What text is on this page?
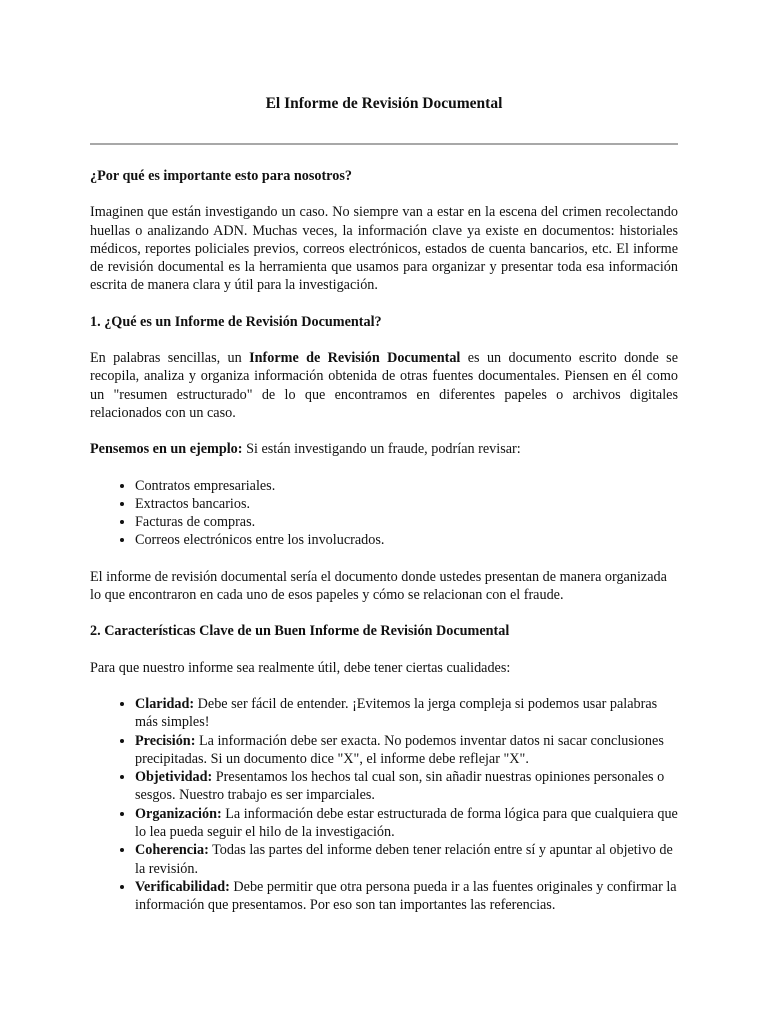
El Informe de Revisión Documental

¿Por qué es importante esto para nosotros?

Imaginen que están investigando un caso. No siempre van a estar en la escena del crimen recolectando huellas o analizando ADN. Muchas veces, la información clave ya existe en documentos: historiales médicos, reportes policiales previos, correos electrónicos, estados de cuenta bancarios, etc. El informe de revisión documental es la herramienta que usamos para organizar y presentar toda esa información escrita de manera clara y útil para la investigación.

1. ¿Qué es un Informe de Revisión Documental?

En palabras sencillas, un Informe de Revisión Documental es un documento escrito donde se recopila, analiza y organiza información obtenida de otras fuentes documentales. Piensen en él como un "resumen estructurado" de lo que encontramos en diferentes papeles o archivos digitales relacionados con un caso.

Pensemos en un ejemplo: Si están investigando un fraude, podrían revisar:

• Contratos empresariales.
• Extractos bancarios.
• Facturas de compras.
• Correos electrónicos entre los involucrados.

El informe de revisión documental sería el documento donde ustedes presentan de manera organizada lo que encontraron en cada uno de esos papeles y cómo se relacionan con el fraude.

2. Características Clave de un Buen Informe de Revisión Documental

Para que nuestro informe sea realmente útil, debe tener ciertas cualidades:

• Claridad: Debe ser fácil de entender. ¡Evitemos la jerga compleja si podemos usar palabras más simples!
• Precisión: La información debe ser exacta. No podemos inventar datos ni sacar conclusiones precipitadas. Si un documento dice "X", el informe debe reflejar "X".
• Objetividad: Presentamos los hechos tal cual son, sin añadir nuestras opiniones personales o sesgos. Nuestro trabajo es ser imparciales.
• Organización: La información debe estar estructurada de forma lógica para que cualquiera que lo lea pueda seguir el hilo de la investigación.
• Coherencia: Todas las partes del informe deben tener relación entre sí y apuntar al objetivo de la revisión.
• Verificabilidad: Debe permitir que otra persona pueda ir a las fuentes originales y confirmar la información que presentamos. Por eso son tan importantes las referencias.
